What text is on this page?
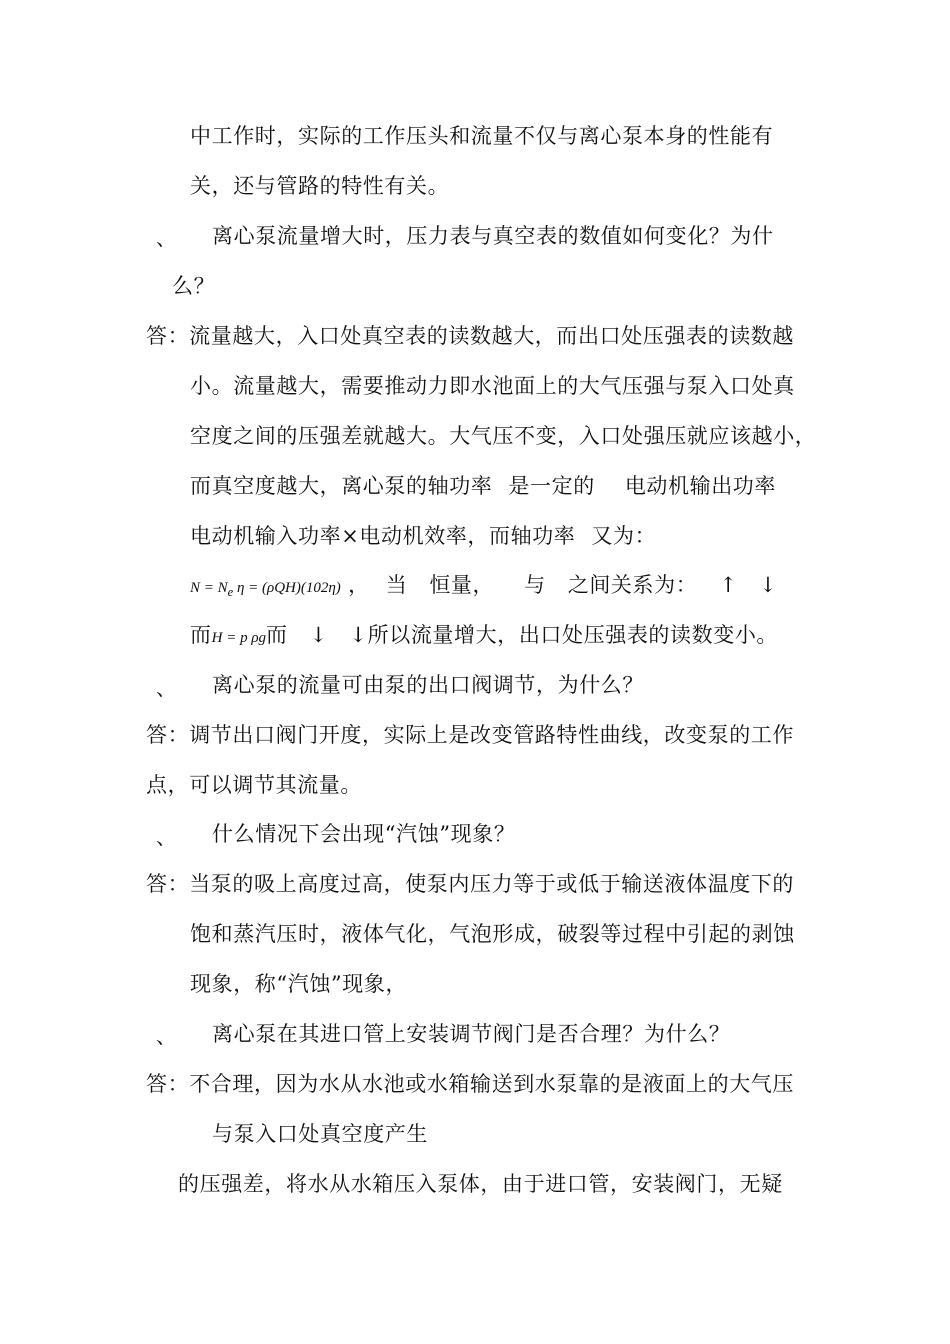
中工作时，实际的工作压头和流量不仅与离心泵本身的性能有
关，还与管路的特性有关。
、 离心泵流量增大时，压力表与真空表的数值如何变化？为什
么？
答：流量越大，入口处真空表的读数越大，而出口处压强表的读数越
小。流量越大，需要推动力即水池面上的大气压强与泵入口处真
空度之间的压强差就越大。大气压不变，入口处强压就应该越小，
而真空度越大，离心泵的轴功率 是一定的 电动机输出功率
电动机输入功率×电动机效率，而轴功率 又为：
$N = N_e$ η = (ρQH)(102η) ， 当 恒量， 与 之间关系为： ↑　↓
而H = p ρg而 ↓　↓所以流量增大，出口处压强表的读数变小。
、 离心泵的流量可由泵的出口阀调节，为什么？
答：调节出口阀门开度，实际上是改变管路特性曲线，改变泵的工作
点，可以调节其流量。
、 什么情况下会出现“汽蚀”现象？
答：当泵的吸上高度过高，使泵内压力等于或低于输送液体温度下的
饱和蒸汽压时，液体气化，气泡形成，破裂等过程中引起的剥蚀
现象，称“汽蚀”现象，
、 离心泵在其进口管上安装调节阀门是否合理？为什么？
答：不合理，因为水从水池或水箱输送到水泵靠的是液面上的大气压
与泵入口处真空度产生
的压强差，将水从水箱压入泵体，由于进口管，安装阀门，无疑
